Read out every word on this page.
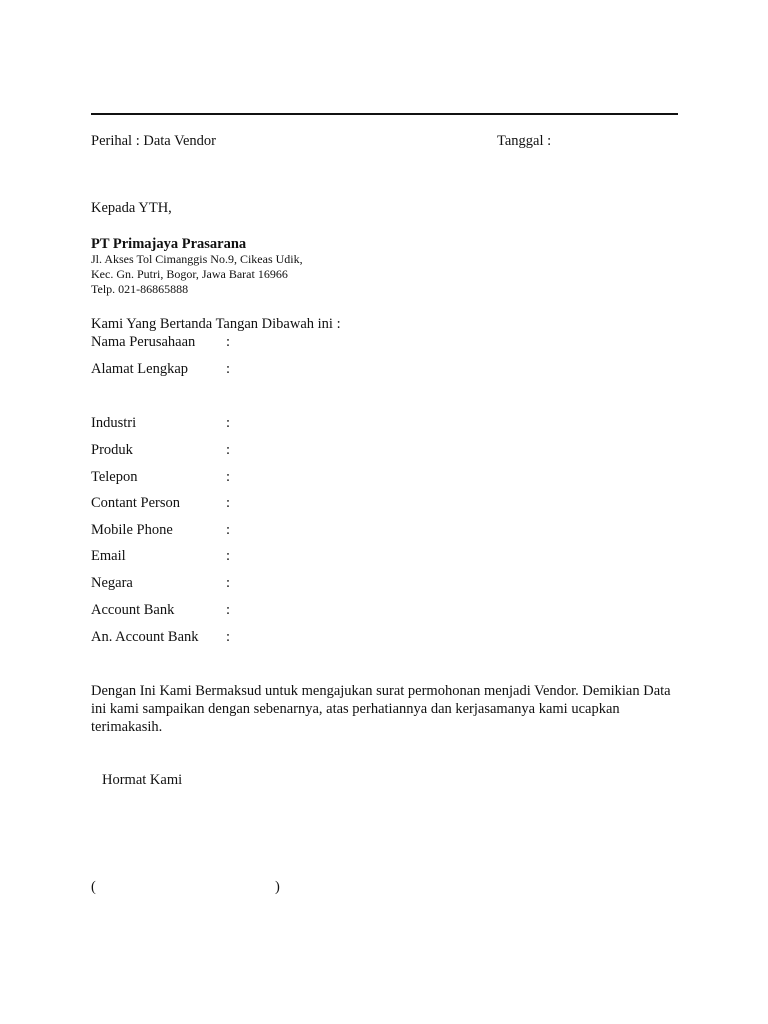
Perihal : Data Vendor	Tanggal :
Kepada YTH,
PT Primajaya Prasarana
Jl. Akses Tol Cimanggis No.9, Cikeas Udik,
Kec. Gn. Putri, Bogor, Jawa Barat 16966
Telp. 021-86865888
Kami Yang Bertanda Tangan Dibawah ini :
Nama Perusahaan :
Alamat Lengkap	:
Industri	:
Produk	:
Telepon	:
Contant Person	:
Mobile Phone	:
Email	:
Negara	:
Account Bank	:
An. Account Bank :
Dengan Ini Kami Bermaksud untuk mengajukan surat permohonan menjadi Vendor. Demikian Data ini kami sampaikan dengan sebenarnya, atas perhatiannya dan kerjasamanya kami ucapkan terimakasih.
Hormat Kami
(	)
